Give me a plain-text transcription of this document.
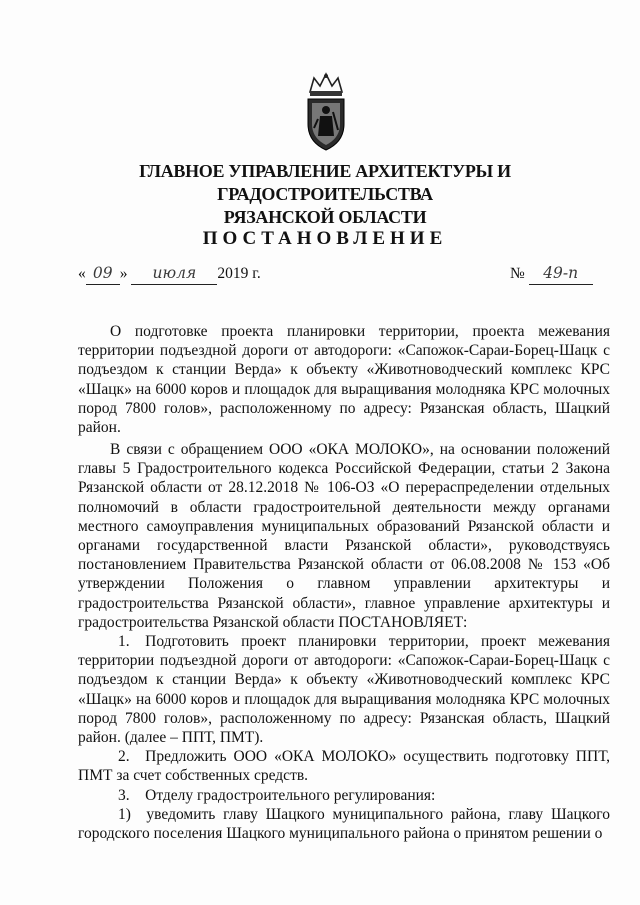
ГЛАВНОЕ УПРАВЛЕНИЕ АРХИТЕКТУРЫ И ГРАДОСТРОИТЕЛЬСТВА
РЯЗАНСКОЙ ОБЛАСТИ
ПОСТАНОВЛЕНИЕ
« 09 » июля 2019 г.	№ 49-п

О подготовке проекта планировки территории, проекта межевания территории подъездной дороги от автодороги: «Сапожок-Сараи-Борец-Шацк с подъездом к станции Верда» к объекту «Животноводческий комплекс КРС «Шацк» на 6000 коров и площадок для выращивания молодняка КРС молочных пород 7800 голов», расположенному по адресу: Рязанская область, Шацкий район.

В связи с обращением ООО «ОКА МОЛОКО», на основании положений главы 5 Градостроительного кодекса Российской Федерации, статьи 2 Закона Рязанской области от 28.12.2018 № 106-ОЗ «О перераспределении отдельных полномочий в области градостроительной деятельности между органами местного самоуправления муниципальных образований Рязанской области и органами государственной власти Рязанской области», руководствуясь постановлением Правительства Рязанской области от 06.08.2008 № 153 «Об утверждении Положения о главном управлении архитектуры и градостроительства Рязанской области», главное управление архитектуры и градостроительства Рязанской области ПОСТАНОВЛЯЕТ:

1. Подготовить проект планировки территории, проект межевания территории подъездной дороги от автодороги: «Сапожок-Сараи-Борец-Шацк с подъездом к станции Верда» к объекту «Животноводческий комплекс КРС «Шацк» на 6000 коров и площадок для выращивания молодняка КРС молочных пород 7800 голов», расположенному по адресу: Рязанская область, Шацкий район. (далее – ППТ, ПМТ).

2. Предложить ООО «ОКА МОЛОКО» осуществить подготовку ППТ, ПМТ за счет собственных средств.

3. Отделу градостроительного регулирования:

1) уведомить главу Шацкого муниципального района, главу Шацкого городского поселения Шацкого муниципального района о принятом решении о
